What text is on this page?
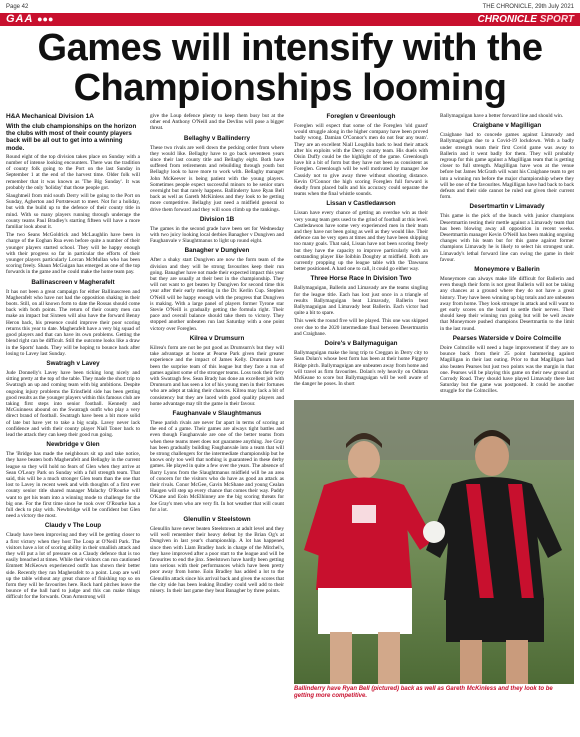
Page 42	THE CHRONICLE, 29th July 2021
GAA ●●●	CHRONICLE SPORT
Games will intensify with the Championships looming

H&A Mechanical Division 1A

With the club championships on the horizon the clubs with most of their county players back will be all out to get into a winning mode.

Round eight of the top division takes place on Sunday with a number of intense looking encounters. There was the tradition of county folk going to the Port on the last Sunday in September 1 at the end of the harvest time. Older folk will remember that it was known as 'The Big Sunday'. It was probably the only 'holiday' that those people got.

Slaughtneil from mid south Derry will be going to the Port on Sunday, Agherton and Portstewart to meet. Not for a holiday, but with the build up to the defence of their county title in mind. With so many players running through underage the county teams Paul Bradley's starting fifteen will have a more familiar look about it.

The two Seans McGoldrick and McLaughlin have been in charge of the Eoghan Rua even before quite a number of their younger players started school. They will be happy enough with their progress so far in particular the efforts of their younger players particularly Lorcan McMullan who has been scoring freely. Shaun McGuigan has emerged as one of the top forwards in the game and he could make the home team pay.

Ballinascreen v Magherafelt

It has not been a great campaign for either Ballinascreen and Magherafelt who have not had the opposition shaking in their boots. Still, on all known form to date the Rossas should come back with both points. The return of their county men can make an impact but Sixteen will also have the forward Benny Heron back, his presence could improve their poor scoring returns this year to date. Magherafelt have a very big squad of good players and that can have its own problems. Getting the blend right can be difficult. Still the outcome looks like a draw in the Sports' hands. They will be hoping to bounce back after losing to Lavey last Sunday.

Swatragh v Lavey

Jude Donnelly's Lavey have been ticking long nicely and sitting pretty at the top of the table. They made the short trip to Swatragh an up and coming team with big ambitions. Despite ongoing injury problems the Erinsfield side has been getting good results as the younger players within this famous club are taking first steps into senior football. Kennedy and McGuinness abound on the Swatragh outfit who play a very direct brand of football. Swatragh have been a bit more solid of late but have yet to take a big scalp. Lavey never lack confidence and with their county player Niall Toner back to lead the attack they can keep their good run going.

Newbridge v Glen

The 'Bridge has made the neighbours sit up and take notice, they have beaten both Magherafelt and Bellaghy in the current league so they will hold no fears of Glen when they arrive at Sean O'Leary Park on Sunday with a full strength team. That said, this will be a much stronger Glen team than the one that lost to Lavey in recent week and with thoughts of a first ever county senior title shared manager Malachy O'Rourke will want to get his team into a winning mode to challenge for the big one. For the first time since he took over O'Rourke has a full deck to play with. Newbridge will be confident but Glen need a victory the most.

Claudy v The Loup

Claudy have been improving and they will be getting closer to a first victory when they host The Loup at O'Neill Park. The visitors have a lot of scoring ability in their smallish attack and they will put a lot of pressure on a Claudy defence that is too easily breached at times. While their visitors can run cautioned Emmett McKeown experienced outfit has shown their better side. Recently they ran Magherafelt to a point. Loup are well up the table without any great chance of finishing top so on form they will be favourites here. Rock hard pitches leave the bounce of the ball hard to judge and this can make things difficult for the forwards. Oran Armstrong will

give the Loup defence plenty to keep them busy but at the other end Anthony O'Neill and the Devlins will pose a bigger threat.

Bellaghy v Ballinderry

These two rivals are well down the pecking order from where they would like. Bellaghy have to go back seventeen years since their last county title and Bellaghy eight. Both have suffered from retirements and rebuilding through youth but Bellaghy look to have more to work with. Bellaghy manager John McKeever is being patient with the young players. Sometimes people expect successful minors to be senior stars overnight but that rarely happens. Ballinderry have Ryan Bell back as well as Gareth McKinless and they look to be getting more competitive. Bellaghy just need a midfield general to drive them forward and they will soon climb up the rankings.

Division 1B

The games in the second grade have been set for Wednesday with two juicy looking local derbies Banagher v Dungiven and Faughanvale v Slaughtmanus to light up round eight.

Banagher v Dungiven

After a shaky start Dungiven are now the form team of the division and they will be strong favourites keep their run going. Banagher have not made their expected impact this year but they are usually at their best in the championship. They will not want to get beaten by Dungiven for second time this year after their early meeting in the Dr. Kerlin Cup. Stephen O'Neill will be happy enough with the progress that Dungiven is making. With a large panel of players former Tyrone star Stevie O'Neill is gradually getting the formula right. Their pace and overall balance should take them to victory. They stopped another unbeaten run last Saturday with a one point victory over Foreglen.

Kilrea v Drumsurn

Kilrea's form are not be put good as Drumsurn's but they will take advantage at home at Pearse Park given their greater experience and the impact of James Kelly. Drumsurn have been the surprise team of this league but they face a run of games against some of the stronger teams. Loss took their fiery with Swatragh few. Sean Brady has done an excellent job with Drumsurn and has seen a lot of his young men in their fortunes who are adept at taking their chances. Kilrea may lack a bit of consistency but they are laced with good quality players and home advantage may tilt the game in their favour.

Faughanvale v Slaughtmanus

These parish rivals are never far apart in terms of scoring at the end of a game. Their games are always tight battles and even though Faughanvale are one of the better teams from when these teams meet does not guarantee anything. Joe Gray has been gradually building Faughanvale into a team that will be strong challengers for the intermediate championship but he knows only too well that nothing is guaranteed in these derby games. He played in quite a few over the years. The absence of Barry Lyons from the Slaughtmanus midfield will be an area of concern for the visitors who do have as good an attack as their rivals. Conor McGee, Gavin McShane and young Cealan Haugen will step up every chance that comes their way. Paddy O'Kane and Eoin McElhinney are the big scoring threats for Joe Gray's men who are very fit. In hot weather that will count for a lot.

Glenullin v Steelstown

Glenullin have never beaten Steelstown at adult level and they will well remember their heavy defeat by the Brian Og's at Dungiven in last year's championship. A lot has happened since then with Liam Bradley back in charge of the Mitchel's, they have improved after a poor start to the league and will be favourites to end the jinx. Steelstown have hardly been getting into serious with their performances which have been pretty poor away from home. Eoin Bradley has added a lot to the Glenullin attack since his arrival back and given the scores that the city side has been leaking Bradley could well add to their misery. In their last game they beat Banagher by three points.

Foreglen v Greenlough

Foreglen will expect that some of the Foreglen 'old guard' would struggle along in the higher company have been proved badly wrong. Damian O'Connor's men do not fear any team'. They are an excellent Niall Loughlin back to lead their attack after his exploits with the Derry county team. His duels with Oisin Duffy could be the highlight of the game. Greenlough have hit a bit of form but they have not been as consistent as Foreglen. Greenlough will be well motivated by manager Joe Cassidy not to give away three without shooting distance. Kevin O'Connor the high scoring Foreglen full forward is deadly from placed balls and his accuracy could separate the teams when the final whistle sounds.

Lissan v Castledawson

Lissan have every chance of getting an overdue win as their very young team gets used to the grind of football at this level. Castledawson have some very experienced men in their team and they have not been going as well as they would like. Their defence can be very open at times and they have been shipping too many goals. That said, Lissan have not been scoring freely but they have the capacity to improve particularly with an outstanding player like Ioibhin Doughty at midfield. Both are currently propping up the league table with the 'Dawsons better positioned. A hard one to call, it could go either way.

Three Horse Race In Division Two

Ballymaguigan, Ballerin and Limavady are the teams singling for the league title. Each has lost just once in a triangle of results Ballymaguigan beat Limavady, Ballerin beat Ballymaguigan and Limavady beat Ballerin. Each victor had quite a bit to spare.

This week the round five will be played. This one was skipped over due to the 2020 intermediate final between Desertmartin and Craigbane.

Doire's v Ballymaguigan

Ballymaguigan make the long trip to Creggan in Derry city to Sean Dolan's whose best form has been at their home Piggery Ridge pitch. Ballymaguigan are unbeaten away from home and will travel as firm favourites. Dolan's rely heavily on Odhran McKeane to score but Ballymaguigan will be well aware of the danger he poses. In short

Ballymaguigan have a better forward line and should win.

Craigbane v Magilligan

Craigbane had to concede games against Limavady and Ballymaguigan due to a Covid-19 lockdown. With a badly under strength team their first Covid game was away to Ballerin and it went badly for them. They will probably regroup for this game against a Magilligan team that is getting closer to full strength. Magilligan have won at the venue before but James McGrath will want his Craigbane team to get into a winning run before the major championship where they will be one of the favourites. Magilligan have had back to back defeats and their side cannot be ruled out given their current form.

Desertmartin v Limavady

This game is the pick of the bunch with junior champions Desertmartin testing their mettle against a Limavady team that has been blowing away all opposition in recent weeks. Desertmartin manager Kevin O'Neill has been making ongoing changes with his team but for this game against former champions Limavady he is likely to select his strongest unit. Limavady's lethal forward line can swing the game in their favour.

Moneymore v Ballerin

Moneymore can always make life difficult for Ballerin and even though their form is not great Ballerin will not be taking any chances at a ground where they do not have a great history. They have been winning up big totals and are unbeaten away from home. They look stronger in attack and will want to get early scores on the board to settle their nerves. Their should keep their winning run going but will be well aware that Moneymore pushed champions Desertmartin to the limit in the last round.

Pearses Waterside v Doire Colmcille

Doire Colmcille will need a huge improvement if they are to bounce back from their 25 point hammering against Magilligan in their last outing. Prior to that Magilligan had also beaten Pearses but just two points was the margin in that one. Pearses will be playing this game on their new ground at Corrody Road. They should have played Limavady there last Saturday but the game was postponed. It could be another struggle for the Colmcilles.

Ballinderry have Ryan Bell (pictured) back as well as Gareth McKinless and they look to be getting more competitive.
